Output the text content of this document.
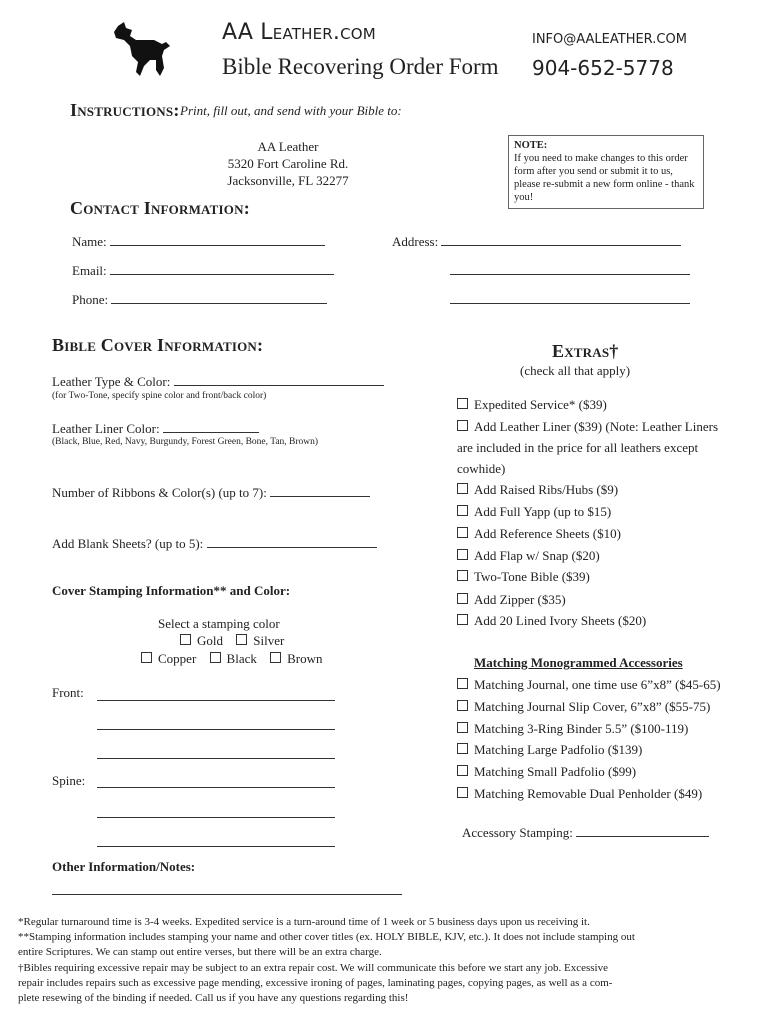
AA Leather.com
Bible Recovering Order Form
INFO@AALEATHER.COM
904-652-5778
Instructions: Print, fill out, and send with your Bible to:
AA Leather
5320 Fort Caroline Rd.
Jacksonville, FL 32277
NOTE:
If you need to make changes to this order form after you send or submit it to us, please re-submit a new form online - thank you!
Contact Information:
Name:
Email:
Phone:
Address:
Bible Cover Information:
Leather Type & Color:
(for Two-Tone, specify spine color and front/back color)
Leather Liner Color:
(Black, Blue, Red, Navy, Burgundy, Forest Green, Bone, Tan, Brown)
Number of Ribbons & Color(s) (up to 7):
Add Blank Sheets? (up to 5):
Cover Stamping Information** and Color:
Select a stamping color
Gold Silver
Copper Black Brown
Front:
Spine:
Other Information/Notes:
Extras†
(check all that apply)
Expedited Service* ($39)
Add Leather Liner ($39) (Note: Leather Liners
are included in the price for all leathers except
cowhide)
Add Raised Ribs/Hubs ($9)
Add Full Yapp (up to $15)
Add Reference Sheets ($10)
Add Flap w/ Snap ($20)
Two-Tone Bible ($39)
Add Zipper ($35)
Add 20 Lined Ivory Sheets ($20)
Matching Monogrammed Accessories
Matching Journal, one time use 6”x8” ($45-65)
Matching Journal Slip Cover, 6”x8” ($55-75)
Matching 3-Ring Binder 5.5” ($100-119)
Matching Large Padfolio ($139)
Matching Small Padfolio ($99)
Matching Removable Dual Penholder ($49)
Accessory Stamping:
*Regular turnaround time is 3-4 weeks. Expedited service is a turn-around time of 1 week or 5 business days upon us receiving it.
**Stamping information includes stamping your name and other cover titles (ex. HOLY BIBLE, KJV, etc.). It does not include stamping out
entire Scriptures. We can stamp out entire verses, but there will be an extra charge.
†Bibles requiring excessive repair may be subject to an extra repair cost. We will communicate this before we start any job. Excessive
repair includes repairs such as excessive page mending, excessive ironing of pages, laminating pages, copying pages, as well as a com-
plete resewing of the binding if needed. Call us if you have any questions regarding this!
